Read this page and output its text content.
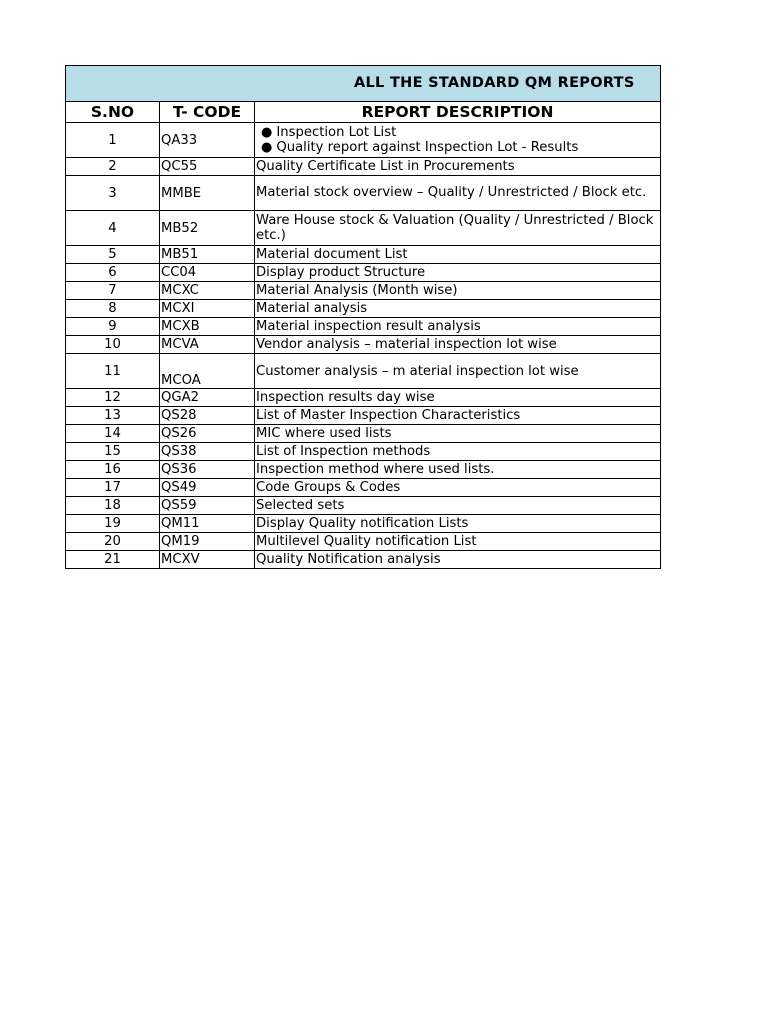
ALL THE STANDARD QM REPORTS		
S.NO	T- CODE	REPORT DESCRIPTION
1	QA33	● Inspection Lot List
● Quality report against Inspection Lot - Results

2	QC55	Quality Certificate List in Procurements
3	MMBE	Material stock overview – Quality / Unrestricted / Block etc.
4	MB52	Ware House stock & Valuation (Quality / Unrestricted / Block etc.)
5	MB51	Material document List
6	CC04	Display product Structure
7	MCXC	Material Analysis (Month wise)
8	MCXI	Material analysis
9	MCXB	Material inspection result analysis
10	MCVA	Vendor analysis – material inspection lot wise
11	MCOA	Customer analysis – m aterial inspection lot wise
12	QGA2	Inspection results day wise
13	QS28	List of Master Inspection Characteristics
14	QS26	MIC where used lists
15	QS38	List of Inspection methods
16	QS36	Inspection method where used lists.
17	QS49	Code Groups & Codes
18	QS59	Selected sets
19	QM11	Display Quality notification Lists
20	QM19	Multilevel Quality notification List
21	MCXV	Quality Notification analysis
